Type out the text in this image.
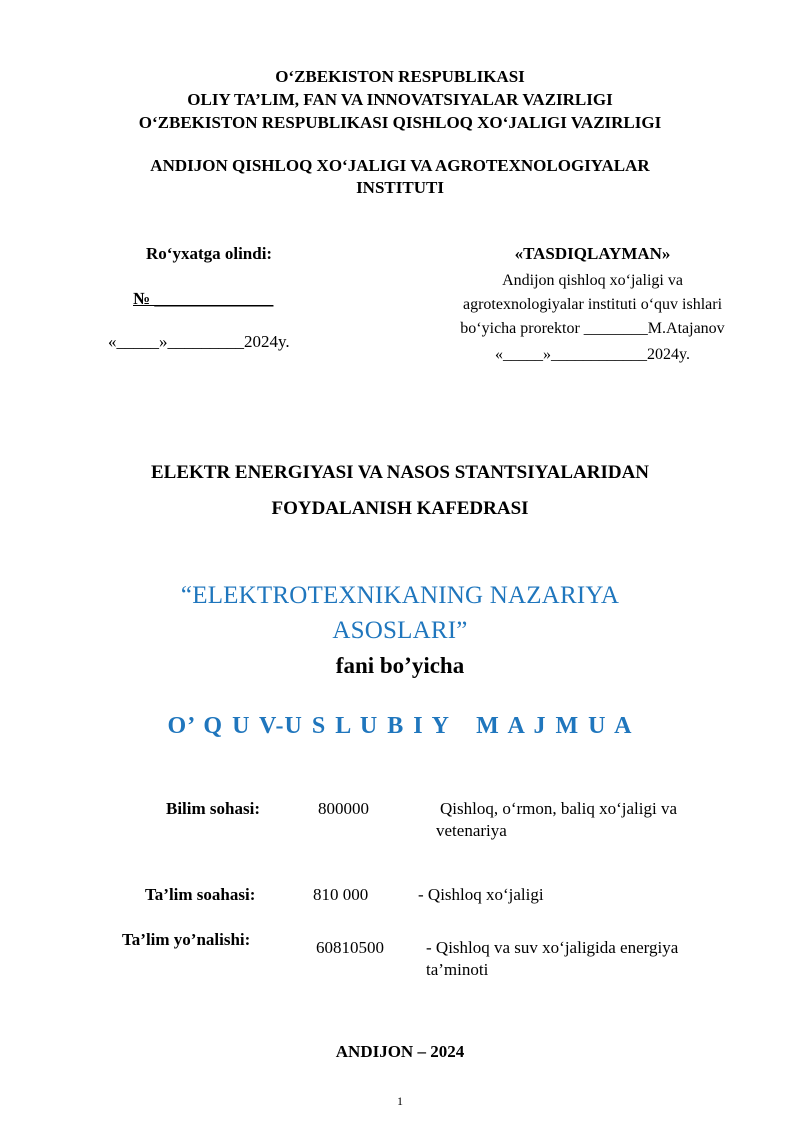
O‘ZBEKISTON RESPUBLIKASI
OLIY TA’LIM, FAN VA INNOVATSIYALAR VAZIRLIGI
O‘ZBEKISTON RESPUBLIKASI QISHLOQ XO‘JALIGI VAZIRLIGI
ANDIJON QISHLOQ XO‘JALIGI VA AGROTEXNOLOGIYALAR
INSTITUTI
Ro‘yxatga olindi:
№ ______________
«_____»_________2024y.
«TASDIQLAYMAN»
Andijon qishloq xo‘jaligi va
agrotexnologiyalar instituti o‘quv ishlari
bo‘yicha prorektor ________M.Atajanov
«_____»____________2024y.
ELEKTR ENERGIYASI VA NASOS STANTSIYALARIDAN
FOYDALANISH KAFEDRASI
“ELEKTROTEXNIKANING NAZARIYA
ASOSLARI”
fani bo’yicha
O’ Q U V-U S L U B I Y   M A J M U A
Bilim sohasi:	800000	Qishloq, o‘rmon, baliq xo‘jaligi va
vetenariya
Ta’lim soahasi:	810 000	- Qishloq xo‘jaligi
Ta’lim yo’nalishi:	60810500 - Qishloq va suv xo‘jaligida energiya
ta’minoti
ANDIJON – 2024
1
